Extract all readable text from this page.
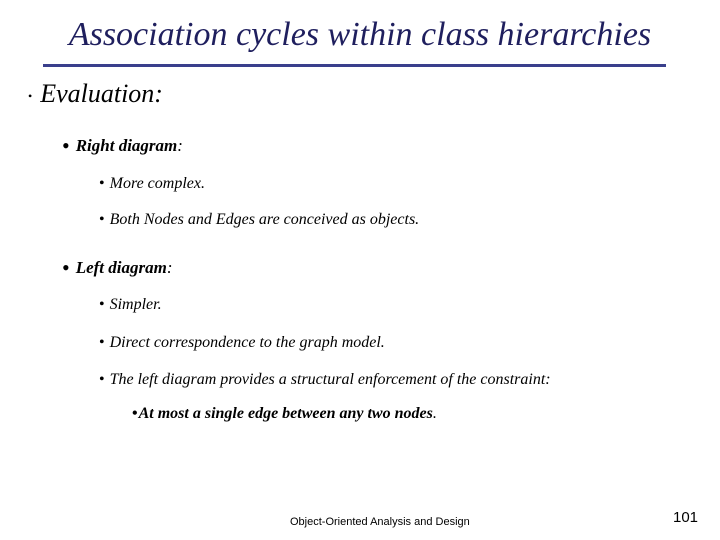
Association cycles within class hierarchies
• Evaluation:
• Right diagram:
• More complex.
• Both Nodes and Edges are conceived as objects.
• Left diagram:
• Simpler.
• Direct correspondence to the graph model.
• The left diagram provides a structural enforcement of the constraint:
•At most a single edge between any two nodes.
Object-Oriented Analysis and Design	101
